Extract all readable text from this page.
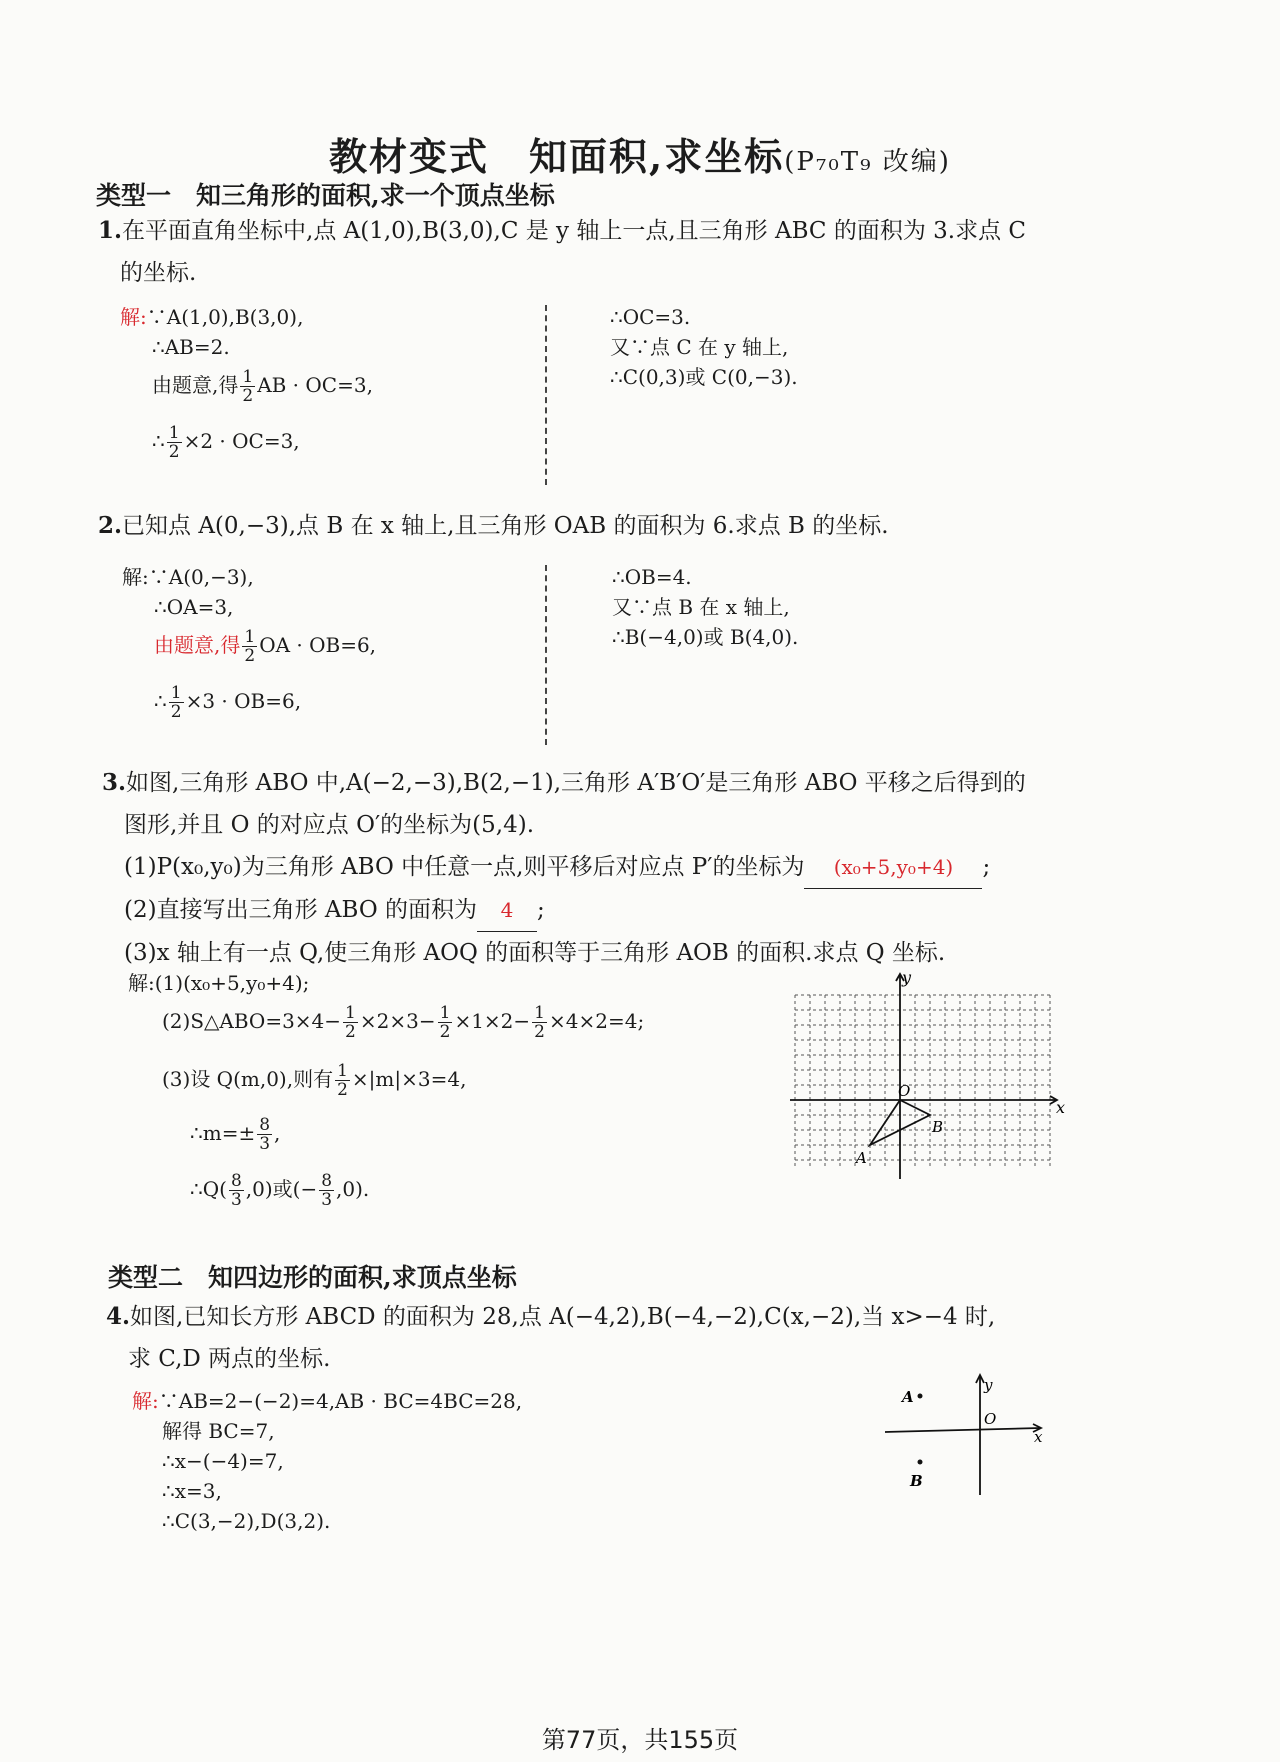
教材变式 知面积,求坐标(P₇₀T₉ 改编)
类型一　知三角形的面积,求一个顶点坐标
1.在平面直角坐标中,点 A(1,0),B(3,0),C 是 y 轴上一点,且三角形 ABC 的面积为 3.求点 C
的坐标.
解:∵A(1,0),B(3,0),
∴AB=2.
由题意,得 $\frac{1}{2}$ AB · OC=3,
∴ $\frac{1}{2} \times 2 \cdot OC=3$,
∴OC=3.
又∵点 C 在 y 轴上,
∴C(0,3)或 C(0,−3).
2.已知点 A(0,−3),点 B 在 x 轴上,且三角形 OAB 的面积为 6.求点 B 的坐标.
解:∵A(0,−3),
∴OA=3,
由题意,得 $\frac{1}{2}$ OA · OB=6,
∴ $\frac{1}{2} \times 3 \cdot OB=6$,
∴OB=4.
又∵点 B 在 x 轴上,
∴B(−4,0)或 B(4,0).
3.如图,三角形 ABO 中,A(−2,−3),B(2,−1),三角形 A′B′O′是三角形 ABO 平移之后得到的
图形,并且 O 的对应点 O′的坐标为(5,4).
(1)P(x₀,y₀)为三角形 ABO 中任意一点,则平移后对应点 P′的坐标为 (x₀+5,y₀+4) ;
(2)直接写出三角形 ABO 的面积为 4 ;
(3)x 轴上有一点 Q,使三角形 AOQ 的面积等于三角形 AOB 的面积.求点 Q 坐标.
解:(1)(x₀+5,y₀+4);
(2)S△ABO=3×4− $\frac{1}{2} \times 2\times 3- \frac{1}{2} \times 1\times 2- \frac{1}{2} \times 4\times 2=4$;
(3)设 Q(m,0),则有 $\frac{1}{2} \times|m|\times 3=4$,
∴m=± $\frac{8}{3}$ ,
∴Q( $\frac{8}{3} ,0$)或(− $\frac{8}{3} ,0$).
y
x
O
B
A
类型二　知四边形的面积,求顶点坐标
4.如图,已知长方形 ABCD 的面积为 28,点 A(−4,2),B(−4,−2),C(x,−2),当 x>−4 时,
求 C,D 两点的坐标.
解:∵AB=2−(−2)=4,AB · BC=4BC=28,
解得 BC=7,
∴x−(−4)=7,
∴x=3,
∴C(3,−2),D(3,2).
y
x
O
A
B
第77页，共155页
